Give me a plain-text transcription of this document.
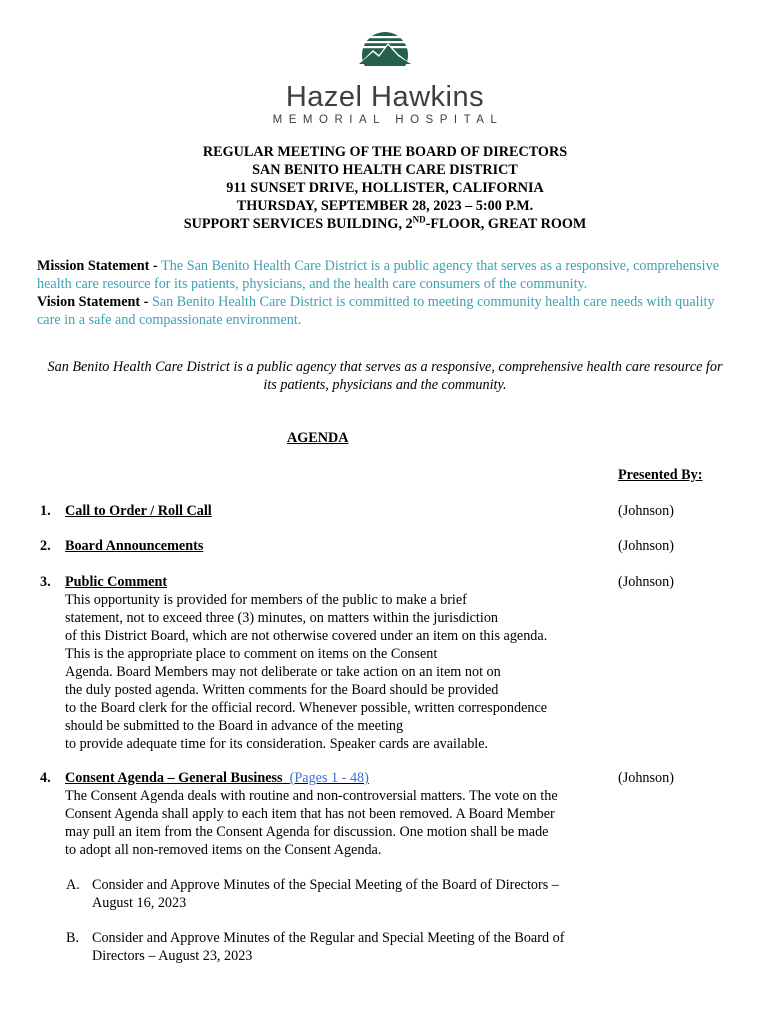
Hazel Hawkins
MEMORIAL HOSPITAL
REGULAR MEETING OF THE BOARD OF DIRECTORS
SAN BENITO HEALTH CARE DISTRICT
911 SUNSET DRIVE, HOLLISTER, CALIFORNIA
THURSDAY, SEPTEMBER 28, 2023 – 5:00 P.M.
SUPPORT SERVICES BUILDING, 2ND-FLOOR, GREAT ROOM
Mission Statement - The San Benito Health Care District is a public agency that serves as a responsive, comprehensive health care resource for its patients, physicians, and the health care consumers of the community.
Vision Statement - San Benito Health Care District is committed to meeting community health care needs with quality care in a safe and compassionate environment.
San Benito Health Care District is a public agency that serves as a responsive, comprehensive health care resource for its patients, physicians and the community.
AGENDA
Presented By:
1.	Call to Order / Roll Call	(Johnson)
2.	Board Announcements	(Johnson)
3.	Public Comment	(Johnson)
This opportunity is provided for members of the public to make a brief
statement, not to exceed three (3) minutes, on matters within the jurisdiction
of this District Board, which are not otherwise covered under an item on this agenda.
This is the appropriate place to comment on items on the Consent
Agenda. Board Members may not deliberate or take action on an item not on
the duly posted agenda. Written comments for the Board should be provided
to the Board clerk for the official record. Whenever possible, written correspondence
should be submitted to the Board in advance of the meeting
to provide adequate time for its consideration. Speaker cards are available.
4.	Consent Agenda – General Business (Pages 1 - 48)	(Johnson)
The Consent Agenda deals with routine and non-controversial matters. The vote on the
Consent Agenda shall apply to each item that has not been removed. A Board Member
may pull an item from the Consent Agenda for discussion. One motion shall be made
to adopt all non-removed items on the Consent Agenda.
A. Consider and Approve Minutes of the Special Meeting of the Board of Directors – August 16, 2023
B. Consider and Approve Minutes of the Regular and Special Meeting of the Board of Directors – August 23, 2023
